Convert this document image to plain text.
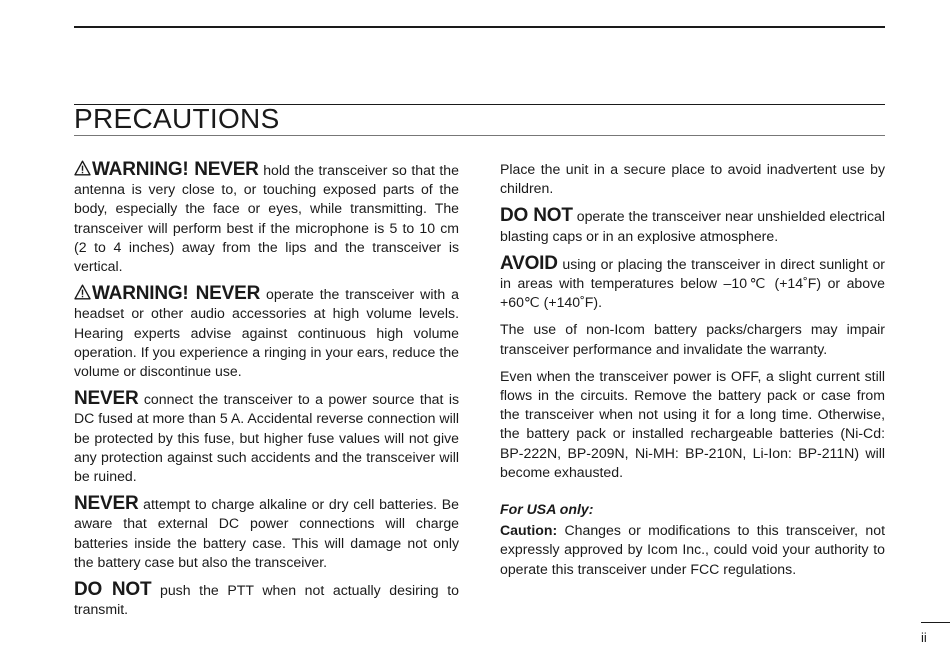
PRECAUTIONS

WARNING! NEVER hold the transceiver so that the antenna is very close to, or touching exposed parts of the body, especially the face or eyes, while transmitting. The transceiver will perform best if the microphone is 5 to 10 cm (2 to 4 inches) away from the lips and the transceiver is vertical.

WARNING! NEVER operate the transceiver with a headset or other audio accessories at high volume levels. Hearing experts advise against continuous high volume operation. If you experience a ringing in your ears, reduce the volume or discontinue use.

NEVER connect the transceiver to a power source that is DC fused at more than 5 A. Accidental reverse connection will be protected by this fuse, but higher fuse values will not give any protection against such accidents and the transceiver will be ruined.

NEVER attempt to charge alkaline or dry cell batteries. Be aware that external DC power connections will charge batteries inside the battery case. This will damage not only the battery case but also the transceiver.

DO NOT push the PTT when not actually desiring to transmit.

Place the unit in a secure place to avoid inadvertent use by children.

DO NOT operate the transceiver near unshielded electrical blasting caps or in an explosive atmosphere.

AVOID using or placing the transceiver in direct sunlight or in areas with temperatures below –10℃ (+14˚F) or above +60℃ (+140˚F).

The use of non-Icom battery packs/chargers may impair transceiver performance and invalidate the warranty.

Even when the transceiver power is OFF, a slight current still flows in the circuits. Remove the battery pack or case from the transceiver when not using it for a long time. Otherwise, the battery pack or installed rechargeable batteries (Ni-Cd: BP-222N, BP-209N, Ni-MH: BP-210N, Li-Ion: BP-211N) will become exhausted.

For USA only:

Caution: Changes or modifications to this transceiver, not expressly approved by Icom Inc., could void your authority to operate this transceiver under FCC regulations.

ii
